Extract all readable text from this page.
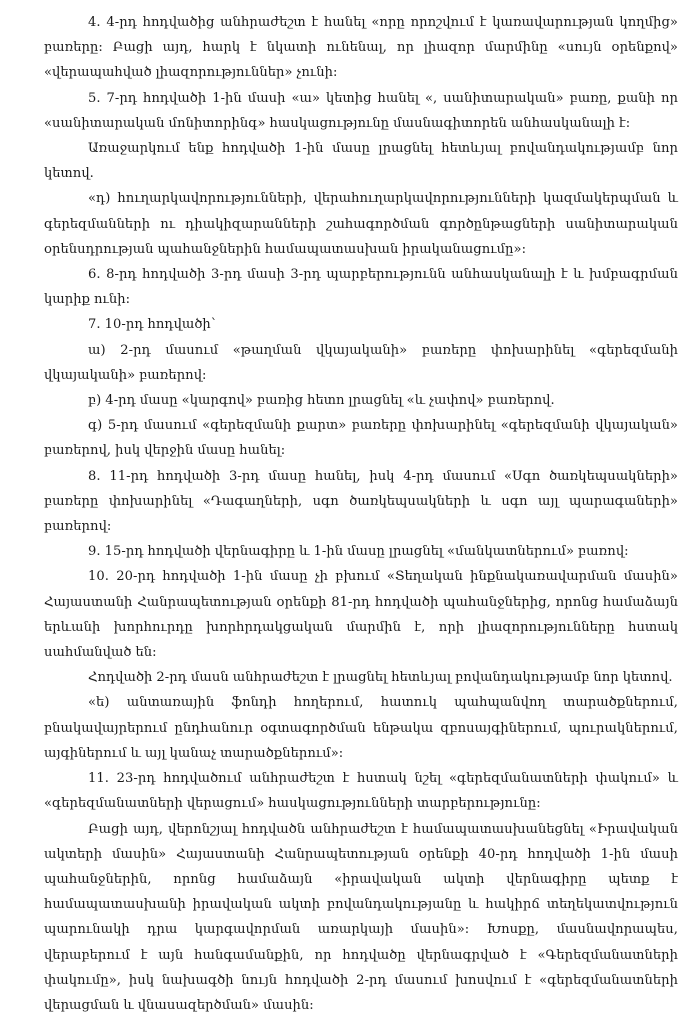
4. 4-րդ հոդվածից անհրաժեշտ է հանել «որը որոշվում է կառավարության կողմից» բառերը: Բացի այդ, հարկ է նկատի ունենալ, որ լիազոր մարմինը «սույն օրենքով» «վերապահված լիազորություններ» չունի:

5. 7-րդ հոդվածի 1-ին մասի «ա» կետից հանել «, սանիտարական» բառը, քանի որ «սանիտարական մոնիտորինգ» հասկացությունը մասնագիտորեն անհասկանալի է:

Առաջարկում ենք հոդվածի 1-ին մասը լրացնել հետևյալ բովանդակությամբ նոր կետով.

«դ) հուղարկավորությունների, վերահուղարկավորությունների կազմակերպման և գերեզմանների ու դիակիզարանների շահագործման գործընթացների սանիտարական օրենսդրության պահանջներին համապատասխան իրականացումը»:

6. 8-րդ հոդվածի 3-րդ մասի 3-րդ պարբերությունն անհասկանալի է և խմբագրման կարիք ունի:

7. 10-րդ հոդվածի՝

ա) 2-րդ մասում «թաղման վկայականի» բառերը փոխարինել «գերեզմանի վկայականի» բառերով:

բ) 4-րդ մասը «կարգով» բառից հետո լրացնել «և չափով» բառերով.

գ) 5-րդ մասում «գերեզմանի քարտ» բառերը փոխարինել «գերեզմանի վկայական» բառերով, իսկ վերջին մասը հանել:

8. 11-րդ հոդվածի 3-րդ մասը հանել, իսկ 4-րդ մասում «Սգո ծառկեպսակների» բառերը փոխարինել «Դագաղների, սգո ծառկեպսակների և սգո այլ պարագաների» բառերով:

9. 15-րդ հոդվածի վերնագիրը և 1-ին մասը լրացնել «մանկատներում» բառով:

10. 20-րդ հոդվածի 1-ին մասը չի բխում «Տեղական ինքնակառավարման մասին» Հայաստանի Հանրապետության օրենքի 81-րդ հոդվածի պահանջներից, որոնց համաձայն երևանի խորհուրդը խորհրդակցական մարմին է, որի լիազորությունները հստակ սահմանված են:

Հոդվածի 2-րդ մասն անհրաժեշտ է լրացնել հետևյալ բովանդակությամբ նոր կետով.

«ե) անտառային ֆոնդի հողերում, հատուկ պահպանվող տարածքներում, բնակավայրերում ընդհանուր օգտագործման ենթակա զբոսայգիներում, պուրակներում, այգիներում և այլ կանաչ տարածքներում»:

11. 23-րդ հոդվածում անհրաժեշտ է հստակ նշել «գերեզմանատների փակում» և «գերեզմանատների վերացում» հասկացությունների տարբերությունը:

Բացի այդ, վերոնշյալ հոդվածն անհրաժեշտ է համապատասխանեցնել «Իրավական ակտերի մասին» Հայաստանի Հանրապետության օրենքի 40-րդ հոդվածի 1-ին մասի պահանջներին, որոնց համաձայն «իրավական ակտի վերնագիրը պետք է համապատասխանի իրավական ակտի բովանդակությանը և հակիրճ տեղեկատվություն պարունակի դրա կարգավորման առարկայի մասին»: Խոսքը, մասնավորապես, վերաբերում է այն հանգամանքին, որ հոդվածը վերնագրված է «Գերեզմանատների փակումը», իսկ նախագծի նույն հոդվածի 2-րդ մասում խոսվում է «գերեզմանատների վերացման և վնասազերծման» մասին:
